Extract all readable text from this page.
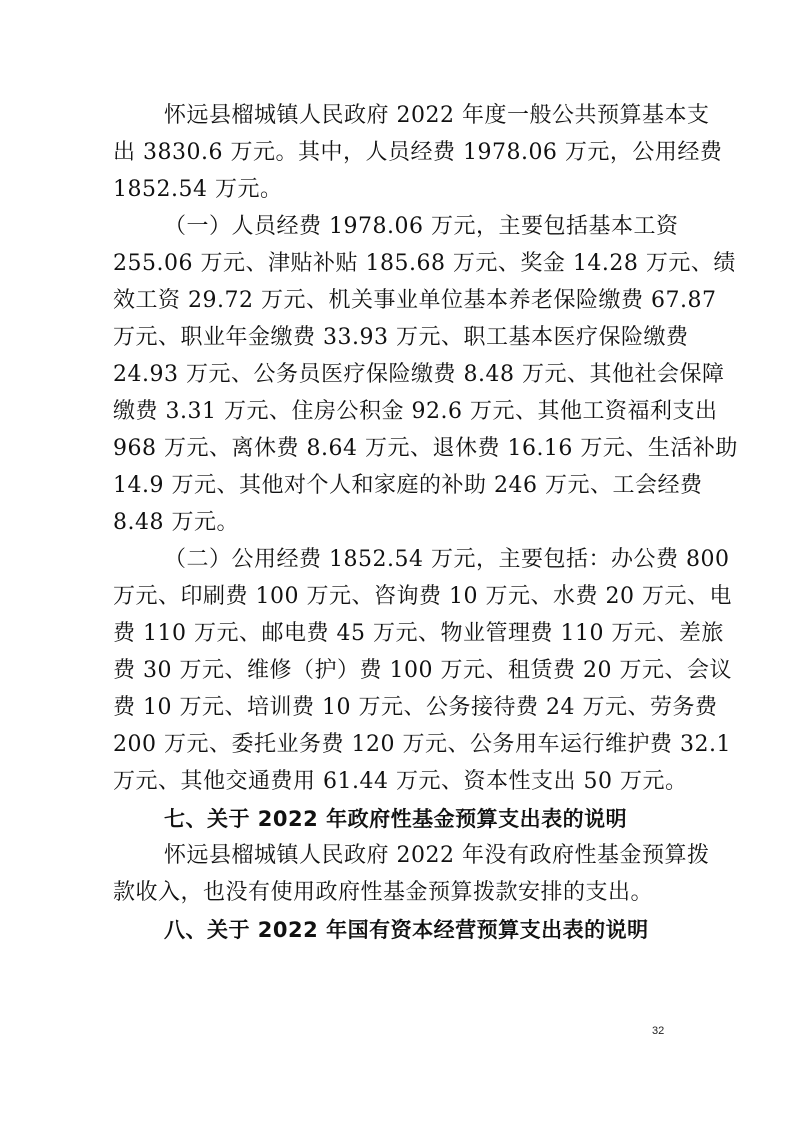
怀远县榴城镇人民政府 2022 年度一般公共预算基本支

出 3830.6 万元。其中，人员经费 1978.06 万元，公用经费

1852.54 万元。

（一）人员经费 1978.06 万元，主要包括基本工资

255.06 万元、津贴补贴 185.68 万元、奖金 14.28 万元、绩

效工资 29.72 万元、机关事业单位基本养老保险缴费 67.87

万元、职业年金缴费 33.93 万元、职工基本医疗保险缴费

24.93 万元、公务员医疗保险缴费 8.48 万元、其他社会保障

缴费 3.31 万元、住房公积金 92.6 万元、其他工资福利支出

968 万元、离休费 8.64 万元、退休费 16.16 万元、生活补助

14.9 万元、其他对个人和家庭的补助 246 万元、工会经费

8.48 万元。

（二）公用经费 1852.54 万元，主要包括：办公费 800

万元、印刷费 100 万元、咨询费 10 万元、水费 20 万元、电

费 110 万元、邮电费 45 万元、物业管理费 110 万元、差旅

费 30 万元、维修（护）费 100 万元、租赁费 20 万元、会议

费 10 万元、培训费 10 万元、公务接待费 24 万元、劳务费

200 万元、委托业务费 120 万元、公务用车运行维护费 32.1

万元、其他交通费用 61.44 万元、资本性支出 50 万元。

七、关于 2022 年政府性基金预算支出表的说明

怀远县榴城镇人民政府 2022 年没有政府性基金预算拨

款收入，也没有使用政府性基金预算拨款安排的支出。

八、关于 2022 年国有资本经营预算支出表的说明

32
